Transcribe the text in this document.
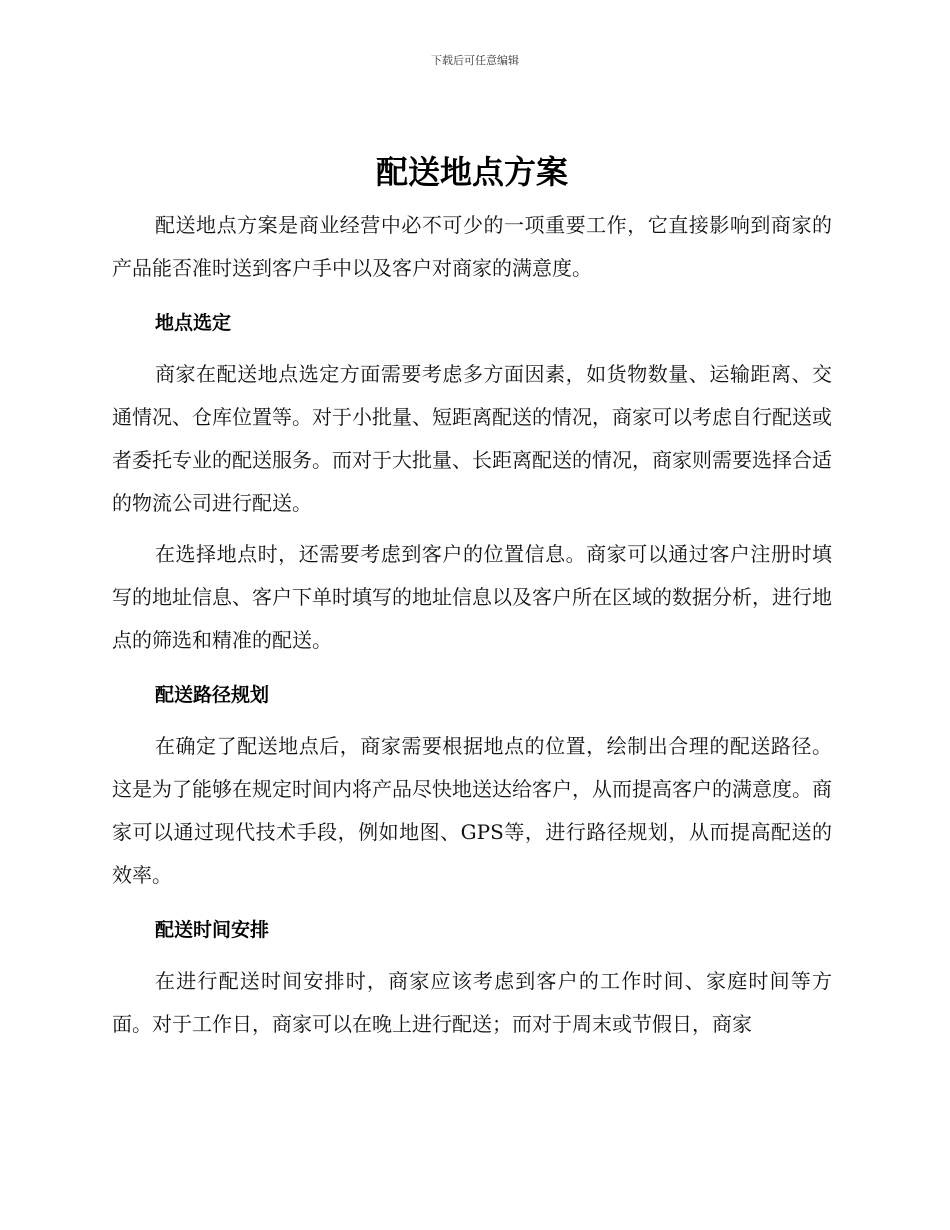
下载后可任意编辑
配送地点方案

配送地点方案是商业经营中必不可少的一项重要工作，它直接影响到商家的产品能否准时送到客户手中以及客户对商家的满意度。

地点选定

商家在配送地点选定方面需要考虑多方面因素，如货物数量、运输距离、交通情况、仓库位置等。对于小批量、短距离配送的情况，商家可以考虑自行配送或者委托专业的配送服务。而对于大批量、长距离配送的情况，商家则需要选择合适的物流公司进行配送。

在选择地点时，还需要考虑到客户的位置信息。商家可以通过客户注册时填写的地址信息、客户下单时填写的地址信息以及客户所在区域的数据分析，进行地点的筛选和精准的配送。

配送路径规划

在确定了配送地点后，商家需要根据地点的位置，绘制出合理的配送路径。这是为了能够在规定时间内将产品尽快地送达给客户，从而提高客户的满意度。商家可以通过现代技术手段，例如地图、GPS等，进行路径规划，从而提高配送的效率。

配送时间安排

在进行配送时间安排时，商家应该考虑到客户的工作时间、家庭时间等方面。对于工作日，商家可以在晚上进行配送；而对于周末或节假日，商家
